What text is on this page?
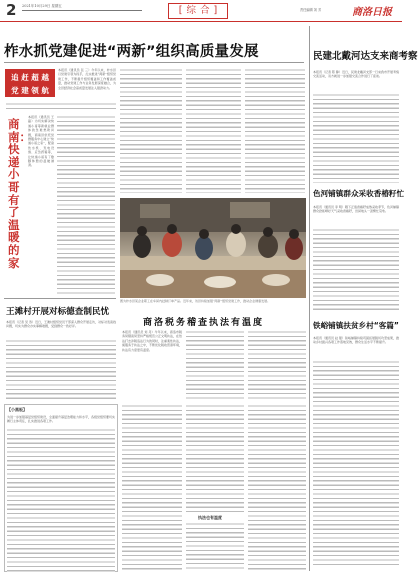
2 2021年10月29日 星期五	[ 综合]	责任编辑 刘 芳	商洛日报
柞水抓党建促进“两新”组织高质量发展
追 赶 超 越
党 建 领 航
本报讯（通讯员 张 三）今年以来，柞水县以党建引领为抓手，扎实推进“两新”组织党建工作，不断提升组织覆盖和工作覆盖质量，推动党建工作与业务发展深度融合，为全县经济社会高质量发展注入强劲动力。
商南：快递小哥有了温暖的家
本报讯（通讯员 王 磊）为切实解决快递小哥等新就业群体的急难愁盼问题，商南县依托党群服务中心建立“快递小哥之家”，配备饮水机、充电设施、应急药箱等，让快递小哥有了歇脚休憩的温暖港湾。
图为柞水县某企业职工在车间内赶制订单产品。近年来，该县持续加强“两新”组织党建工作，推动企业健康发展。
民建北戴河达支来商考察
本报讯（记者 陈 静）近日，民建北戴河支部一行来我市开展考察交流活动，双方就进一步加强交流合作进行了座谈。
色河铺镇群众采收香椿籽忙
本报讯（通讯员 李 明）眼下正值香椿籽成熟采收季节，色河铺镇群众抢抓晴好天气采收香椿籽，田间地头一派繁忙景象。
铁峪铺镇扶贫乡村“客篇”
本报讯（通讯员 赵 强）铁峪铺镇持续巩固拓展脱贫攻坚成果，推动乡村振兴各项工作落地见效，群众生活水平不断提升。
王滩村开展对标德查制民忧
本报讯（记者 吴 涛）近日，王滩村组织党员干部深入群众开展走访，对标对表查找问题，切实为群众办实事解难题，受到群众一致好评。	商洛税务稽查执法有温度
本报讯（通讯员 刘 丹）今年以来，商洛市税务局稽查局坚持严格规范公正文明执法，在依法打击涉税违法行为的同时，注重柔性执法，寓服务于执法之中，不断优化税收营商环境，执法有力度更有温度。
【小黑板】
为进一步加强基层党组织建设，全面提升基层治理能力和水平，各级党组织要切实履行主体责任，扎实推进各项工作。
执法也有温度
